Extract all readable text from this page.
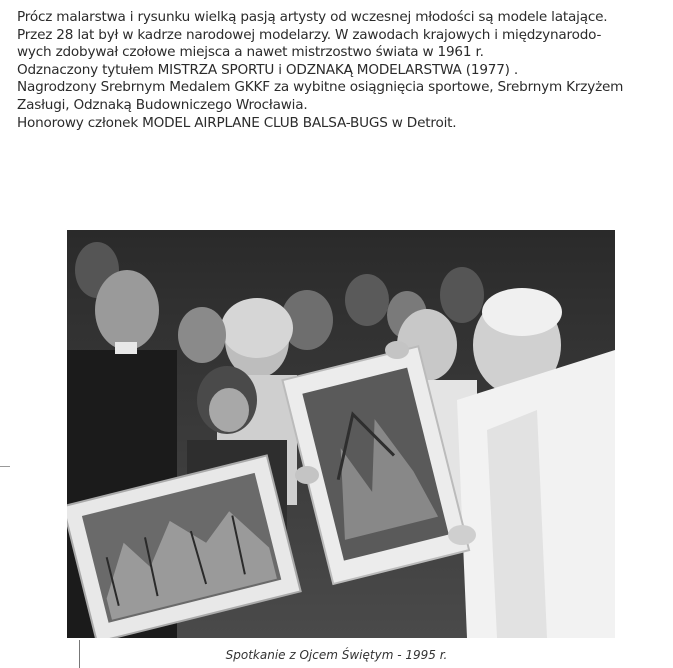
Prócz malarstwa i rysunku wielką pasją artysty od wczesnej młodości są modele latające.

Przez 28 lat był w kadrze narodowej modelarzy. W zawodach krajowych i międzynarodo-

wych zdobywał czołowe miejsca a nawet mistrzostwo świata w 1961 r.

Odznaczony tytułem MISTRZA SPORTU i ODZNAKĄ MODELARSTWA (1977) .

Nagrodzony Srebrnym Medalem GKKF za wybitne osiągnięcia sportowe, Srebrnym Krzyżem

Zasługi, Odznaką Budowniczego Wrocławia.

Honorowy członek MODEL AIRPLANE CLUB BALSA-BUGS w Detroit.

Spotkanie z Ojcem Świętym - 1995 r.
